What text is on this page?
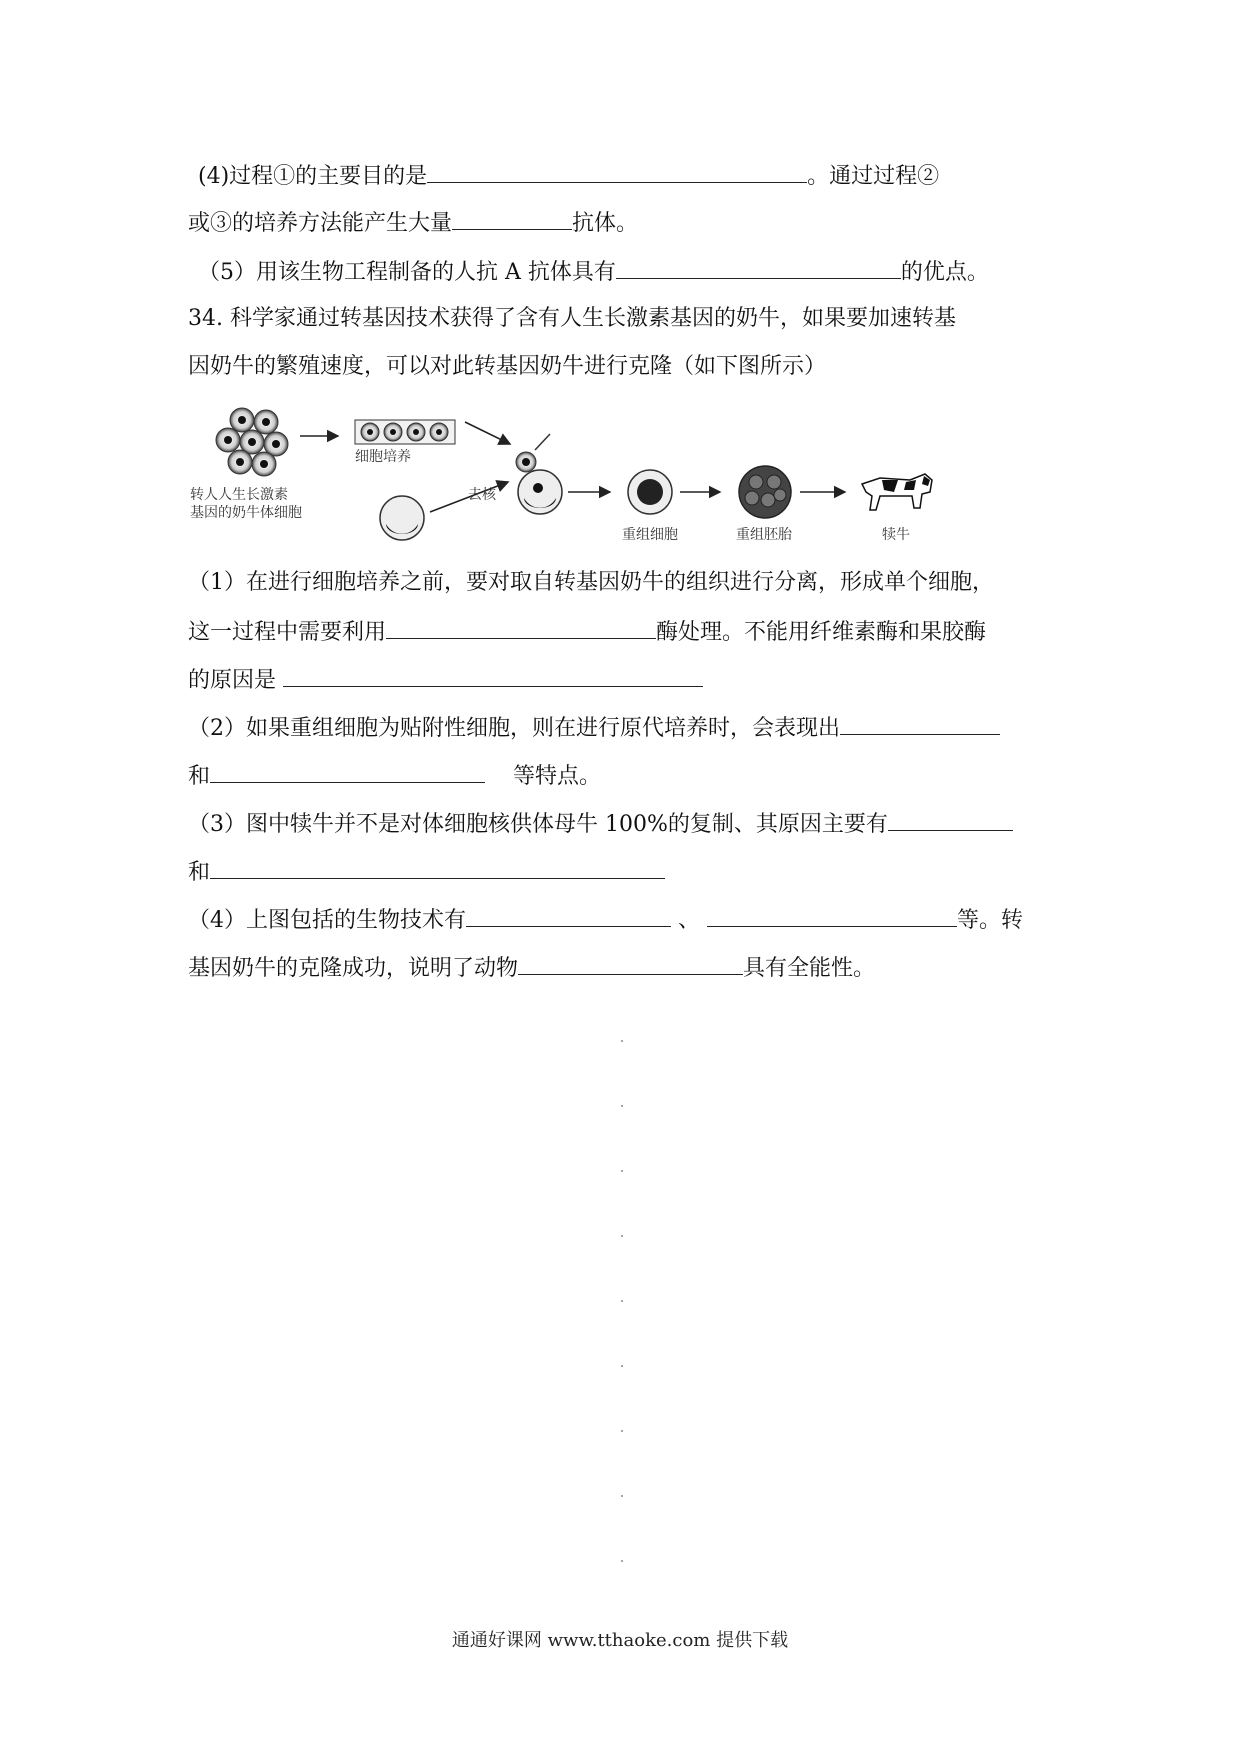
(4)过程①的主要目的是	。通过过程②
或③的培养方法能产生大量	抗体。
（5）用该生物工程制备的人抗 A 抗体具有	的优点。
34. 科学家通过转基因技术获得了含有人生长激素基因的奶牛，如果要加速转基
因奶牛的繁殖速度，可以对此转基因奶牛进行克隆（如下图所示）
细胞培养
转人人生长激素
基因的奶牛体细胞
去核
重组细胞	重组胚胎	犊牛
（1）在进行细胞培养之前，要对取自转基因奶牛的组织进行分离，形成单个细胞，
这一过程中需要利用	酶处理。不能用纤维素酶和果胶酶
的原因是
（2）如果重组细胞为贴附性细胞，则在进行原代培养时，会表现出
和	等特点。
（3）图中犊牛并不是对体细胞核供体母牛 100%的复制、其原因主要有
和
（4）上图包括的生物技术有	、	等。转
基因奶牛的克隆成功，说明了动物	具有全能性。
通通好课网 www.tthaoke.com 提供下载
